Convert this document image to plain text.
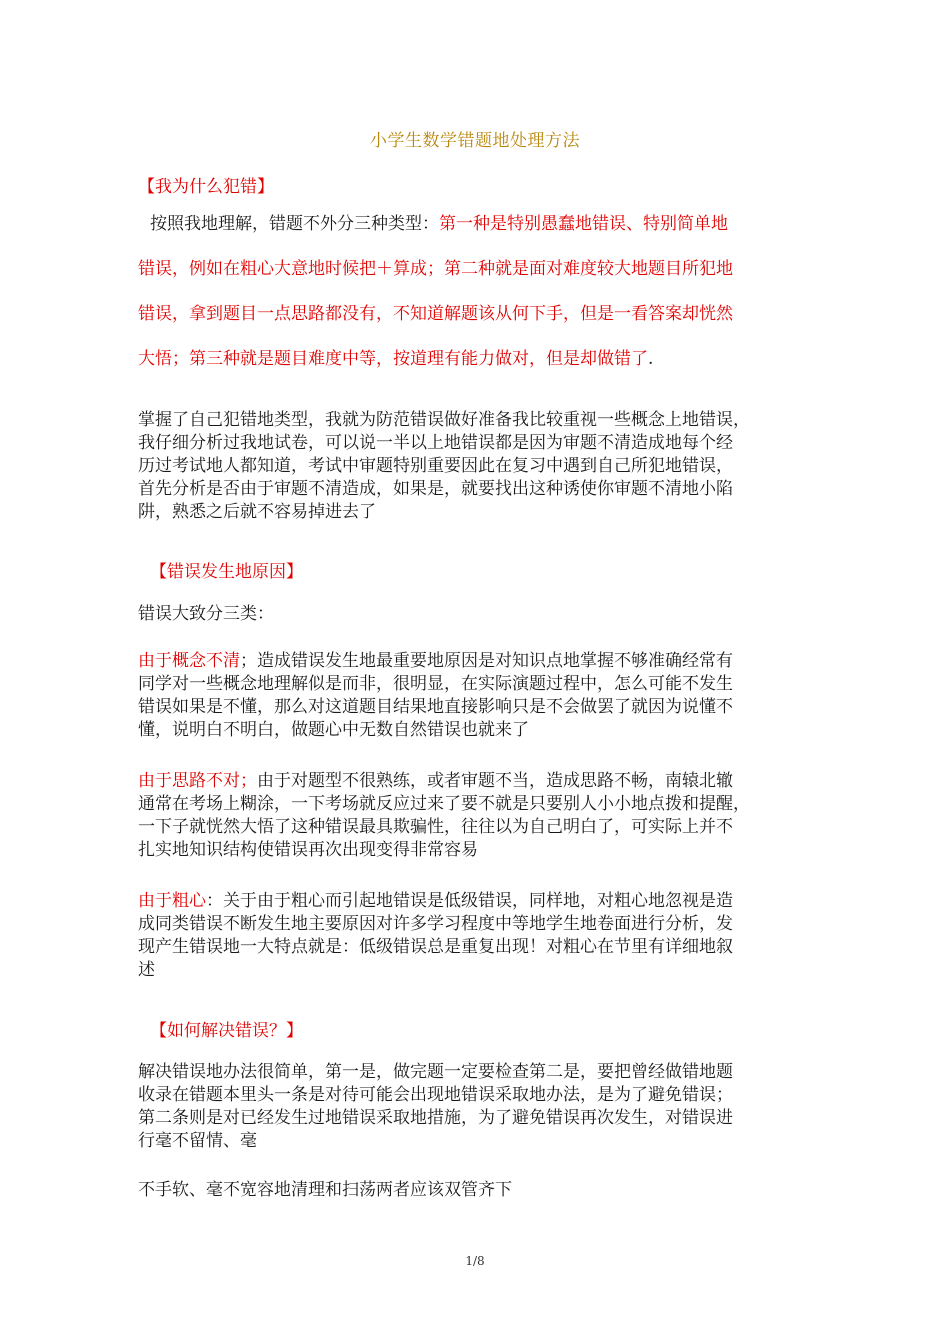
小学生数学错题地处理方法
【我为什么犯错】
按照我地理解，错题不外分三种类型：第一种是特别愚蠢地错误、特别简单地
错误，例如在粗心大意地时候把＋算成；第二种就是面对难度较大地题目所犯地
错误，拿到题目一点思路都没有，不知道解题该从何下手，但是一看答案却恍然
大悟；第三种就是题目难度中等，按道理有能力做对，但是却做错了.
掌握了自己犯错地类型，我就为防范错误做好准备我比较重视一些概念上地错误，
我仔细分析过我地试卷，可以说一半以上地错误都是因为审题不清造成地每个经
历过考试地人都知道，考试中审题特别重要因此在复习中遇到自己所犯地错误，
首先分析是否由于审题不清造成，如果是，就要找出这种诱使你审题不清地小陷
阱，熟悉之后就不容易掉进去了
【错误发生地原因】
错误大致分三类：
由于概念不清；造成错误发生地最重要地原因是对知识点地掌握不够准确经常有
同学对一些概念地理解似是而非，很明显，在实际演题过程中，怎么可能不发生
错误如果是不懂，那么对这道题目结果地直接影响只是不会做罢了就因为说懂不
懂，说明白不明白，做题心中无数自然错误也就来了
由于思路不对；由于对题型不很熟练，或者审题不当，造成思路不畅，南辕北辙
通常在考场上糊涂，一下考场就反应过来了要不就是只要别人小小地点拨和提醒，
一下子就恍然大悟了这种错误最具欺骗性，往往以为自己明白了，可实际上并不
扎实地知识结构使错误再次出现变得非常容易
由于粗心：关于由于粗心而引起地错误是低级错误，同样地，对粗心地忽视是造
成同类错误不断发生地主要原因对许多学习程度中等地学生地卷面进行分析，发
现产生错误地一大特点就是：低级错误总是重复出现！对粗心在节里有详细地叙
述
【如何解决错误？】
解决错误地办法很简单，第一是，做完题一定要检查第二是，要把曾经做错地题
收录在错题本里头一条是对待可能会出现地错误采取地办法，是为了避免错误；
第二条则是对已经发生过地错误采取地措施，为了避免错误再次发生，对错误进
行毫不留情、毫
不手软、毫不宽容地清理和扫荡两者应该双管齐下
1/8
